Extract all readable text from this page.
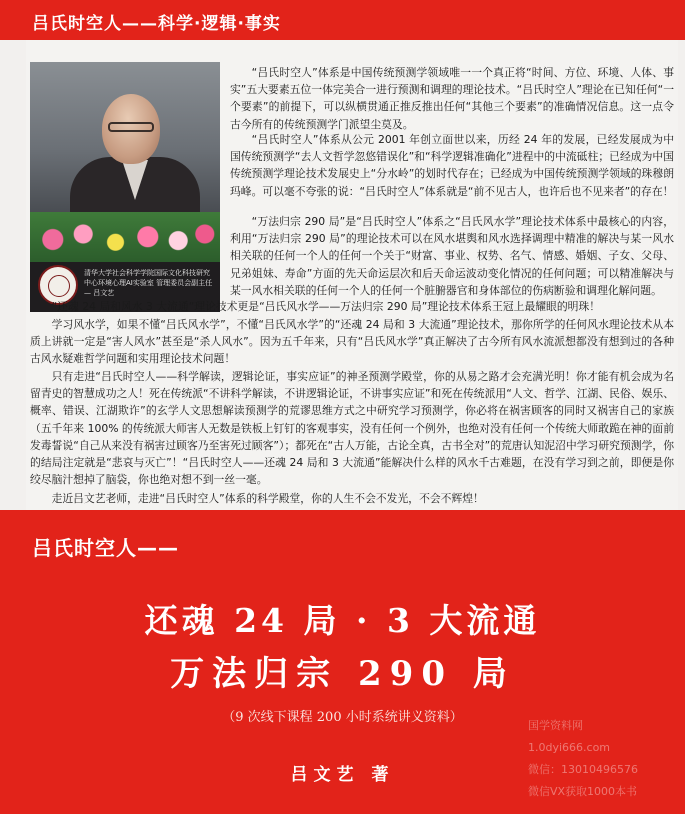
吕氏时空人——科学·逻辑·事实
清华大学社会科学学院国际文化科技研究中心环境心理AI实验室 管理委员会副主任 — 吕文艺

“吕氏时空人”体系是中国传统预测学领域唯一一个真正将“时间、方位、环境、人体、事实”五大要素五位一体完美合一进行预测和调理的理论技术。“吕氏时空人”理论在已知任何“一个要素”的前提下，可以纵横贯通正推反推出任何“其他三个要素”的准确情况信息。这一点令古今所有的传统预测学门派望尘莫及。

“吕氏时空人”体系从公元 2001 年创立面世以来，历经 24 年的发展，已经发展成为中国传统预测学“去人文哲学忽悠错误化”和“科学逻辑准确化”进程中的中流砥柱；已经成为中国传统预测学理论技术发展史上“分水岭”的划时代存在；已经成为中国传统预测学领域的珠穆朗玛峰。可以毫不夸张的说：“吕氏时空人”体系就是“前不见古人，也许后也不见来者”的存在！

“万法归宗 290 局”是“吕氏时空人”体系之“吕氏风水学”理论技术体系中最核心的内容，利用“万法归宗 290 局”的理论技术可以在风水堪舆和风水选择调理中精准的解决与某一风水相关联的任何一个人的任何一个关于“财富、事业、权势、名气、情感、婚姻、子女、父母、兄弟姐妹、寿命”方面的先天命运层次和后天命运波动变化情况的任何问题；可以精准解决与某一风水相关联的任何一个人的任何一个脏腑器官和身体部位的伤病断验和调理化解问题。

“还魂 24 局和风水 3 大流通”理论技术更是“吕氏风水学——万法归宗 290 局”理论技术体系王冠上最耀眼的明珠！

学习风水学，如果不懂“吕氏风水学”，不懂“吕氏风水学”的“还魂 24 局和 3 大流通”理论技术，那你所学的任何风水理论技术从本质上讲就一定是“害人风水”甚至是“杀人风水”。因为五千年来，只有“吕氏风水学”真正解决了古今所有风水流派想都没有想到过的各种古风水疑难哲学问题和实用理论技术问题！

只有走进“吕氏时空人——科学解读，逻辑论证，事实应证”的神圣预测学殿堂，你的从易之路才会充满光明！你才能有机会成为名留青史的智慧成功之人！死在传统派“不讲科学解读，不讲逻辑论证，不讲事实应证”和死在传统派用“人文、哲学、江湖、民俗、娱乐、概率、错误、江湖欺诈”的玄学人文思想解读预测学的荒谬思维方式之中研究学习预测学，你必将在祸害顾客的同时又祸害自己的家族（五千年来 100% 的传统派大师害人无数是铁板上钉钉的客观事实，没有任何一个例外，也绝对没有任何一个传统大师敢跪在神的面前发毒誓说“自己从来没有祸害过顾客乃至害死过顾客”）；都死在“古人万能，古论全真，古书全对”的荒唐认知泥沼中学习研究预测学，你的结局注定就是“悲哀与灭亡”！“吕氏时空人——还魂 24 局和 3 大流通”能解决什么样的风水千古难题，在没有学习到之前，即便是你绞尽脑汁想掉了脑袋，你也绝对想不到一丝一毫。

走近吕文艺老师，走进“吕氏时空人”体系的科学殿堂，你的人生不会不发光，不会不辉煌！

吕氏时空人——
还魂 24 局 · 3 大流通
万法归宗 290 局
（9 次线下课程 200 小时系统讲义资料）
吕文艺 著
国学资料网
1.0dyi666.com
微信：13010496576
微信VX获取1000本书
